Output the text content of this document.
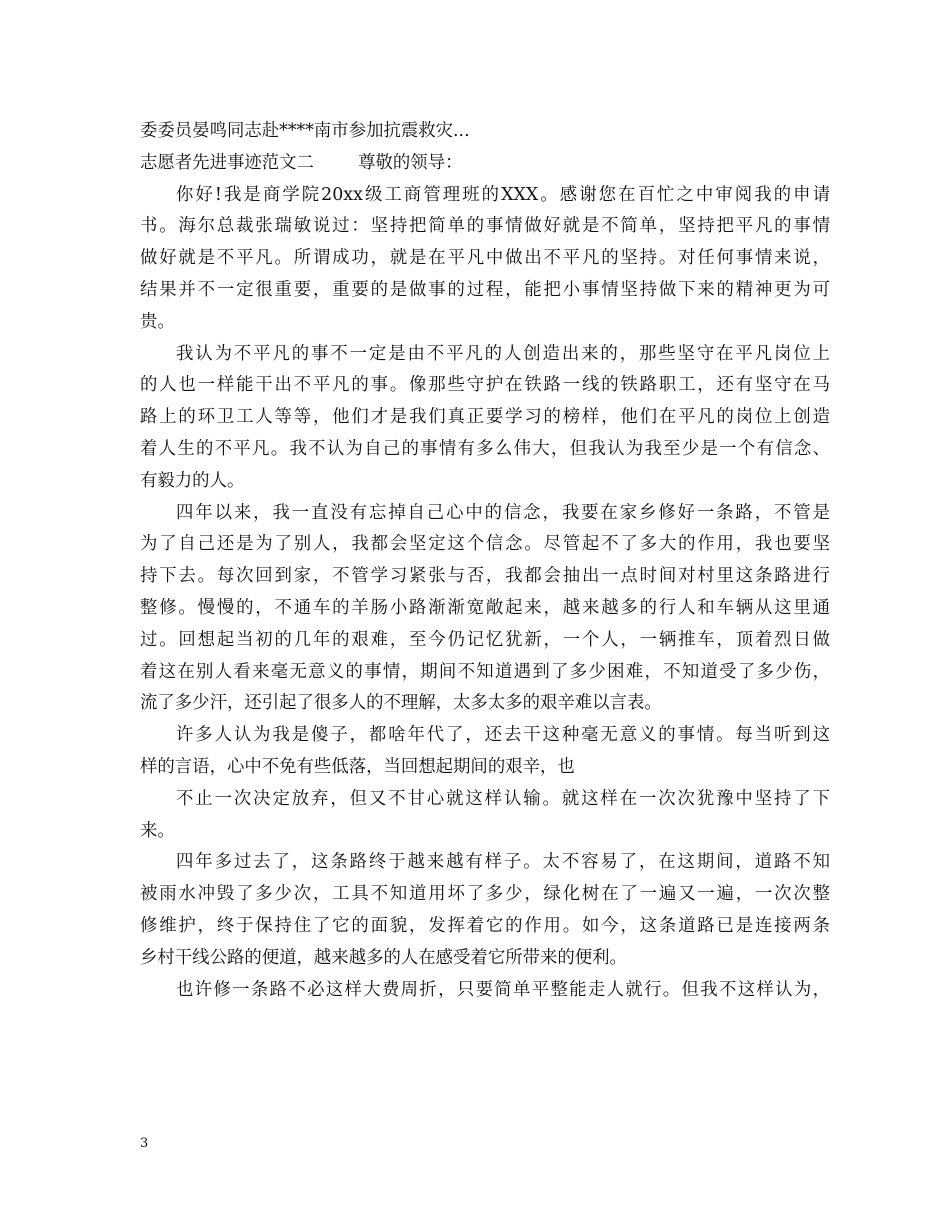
委委员晏鸣同志赴****南市参加抗震救灾...
志愿者先进事迹范文二        尊敬的领导：
你好!我是商学院20xx级工商管理班的XXX。感谢您在百忙之中审阅我的申请
书。海尔总裁张瑞敏说过：坚持把简单的事情做好就是不简单，坚持把平凡的事情
做好就是不平凡。所谓成功，就是在平凡中做出不平凡的坚持。对任何事情来说，
结果并不一定很重要，重要的是做事的过程，能把小事情坚持做下来的精神更为可
贵。
我认为不平凡的事不一定是由不平凡的人创造出来的，那些坚守在平凡岗位上
的人也一样能干出不平凡的事。像那些守护在铁路一线的铁路职工，还有坚守在马
路上的环卫工人等等，他们才是我们真正要学习的榜样，他们在平凡的岗位上创造
着人生的不平凡。我不认为自己的事情有多么伟大，但我认为我至少是一个有信念、
有毅力的人。
四年以来，我一直没有忘掉自己心中的信念，我要在家乡修好一条路，不管是
为了自己还是为了别人，我都会坚定这个信念。尽管起不了多大的作用，我也要坚
持下去。每次回到家，不管学习紧张与否，我都会抽出一点时间对村里这条路进行
整修。慢慢的，不通车的羊肠小路渐渐宽敞起来，越来越多的行人和车辆从这里通
过。回想起当初的几年的艰难，至今仍记忆犹新，一个人，一辆推车，顶着烈日做
着这在别人看来毫无意义的事情，期间不知道遇到了多少困难，不知道受了多少伤，
流了多少汗，还引起了很多人的不理解，太多太多的艰辛难以言表。
许多人认为我是傻子，都啥年代了，还去干这种毫无意义的事情。每当听到这
样的言语，心中不免有些低落，当回想起期间的艰辛，也
不止一次决定放弃，但又不甘心就这样认输。就这样在一次次犹豫中坚持了下
来。
四年多过去了，这条路终于越来越有样子。太不容易了，在这期间，道路不知
被雨水冲毁了多少次，工具不知道用坏了多少，绿化树在了一遍又一遍，一次次整
修维护，终于保持住了它的面貌，发挥着它的作用。如今，这条道路已是连接两条
乡村干线公路的便道，越来越多的人在感受着它所带来的便利。
也许修一条路不必这样大费周折，只要简单平整能走人就行。但我不这样认为，
3
